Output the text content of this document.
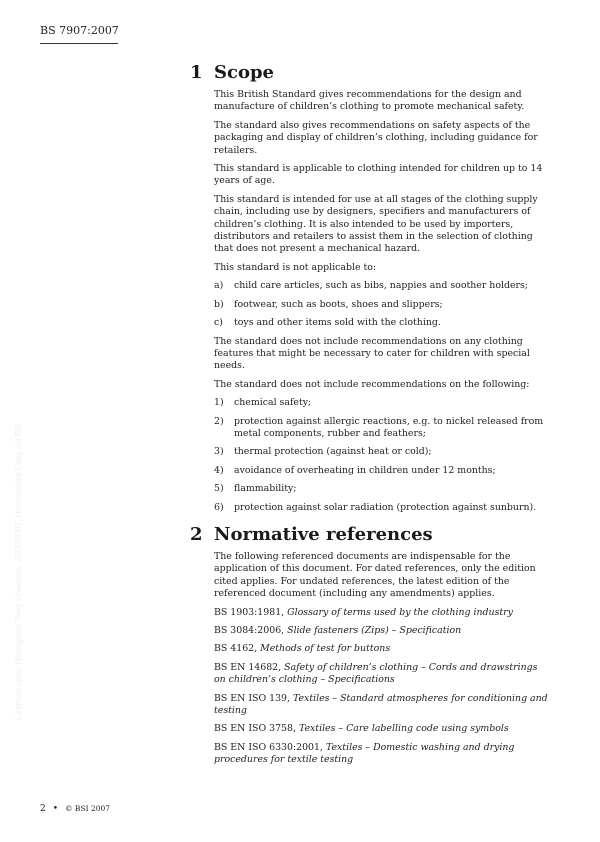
BS 7907:2007
Licensed copy: Nottingham Trent University, 23/09/2007, Uncontrolled Copy, (c) BSI
1 Scope

This British Standard gives recommendations for the design and manufacture of children’s clothing to promote mechanical safety.

The standard also gives recommendations on safety aspects of the packaging and display of children’s clothing, including guidance for retailers.

This standard is applicable to clothing intended for children up to 14 years of age.

This standard is intended for use at all stages of the clothing supply chain, including use by designers, specifiers and manufacturers of children’s clothing. It is also intended to be used by importers, distributors and retailers to assist them in the selection of clothing that does not present a mechanical hazard.

This standard is not applicable to:

a)	child care articles, such as bibs, nappies and soother holders;
b)	footwear, such as boots, shoes and slippers;
c)	toys and other items sold with the clothing.

The standard does not include recommendations on any clothing features that might be necessary to cater for children with special needs.

The standard does not include recommendations on the following:

1)	chemical safety;
2)	protection against allergic reactions, e.g. to nickel released from metal components, rubber and feathers;
3)	thermal protection (against heat or cold);
4)	avoidance of overheating in children under 12 months;
5)	flammability;
6)	protection against solar radiation (protection against sunburn).
2 Normative references

The following referenced documents are indispensable for the application of this document. For dated references, only the edition cited applies. For undated references, the latest edition of the referenced document (including any amendments) applies.

BS 1903:1981, Glossary of terms used by the clothing industry
BS 3084:2006, Slide fasteners (Zips) – Specification
BS 4162, Methods of test for buttons
BS EN 14682, Safety of children’s clothing – Cords and drawstrings on children’s clothing – Specifications
BS EN ISO 139, Textiles – Standard atmospheres for conditioning and testing
BS EN ISO 3758, Textiles – Care labelling code using symbols
BS EN ISO 6330:2001, Textiles – Domestic washing and drying procedures for textile testing
2 • © BSI 2007
